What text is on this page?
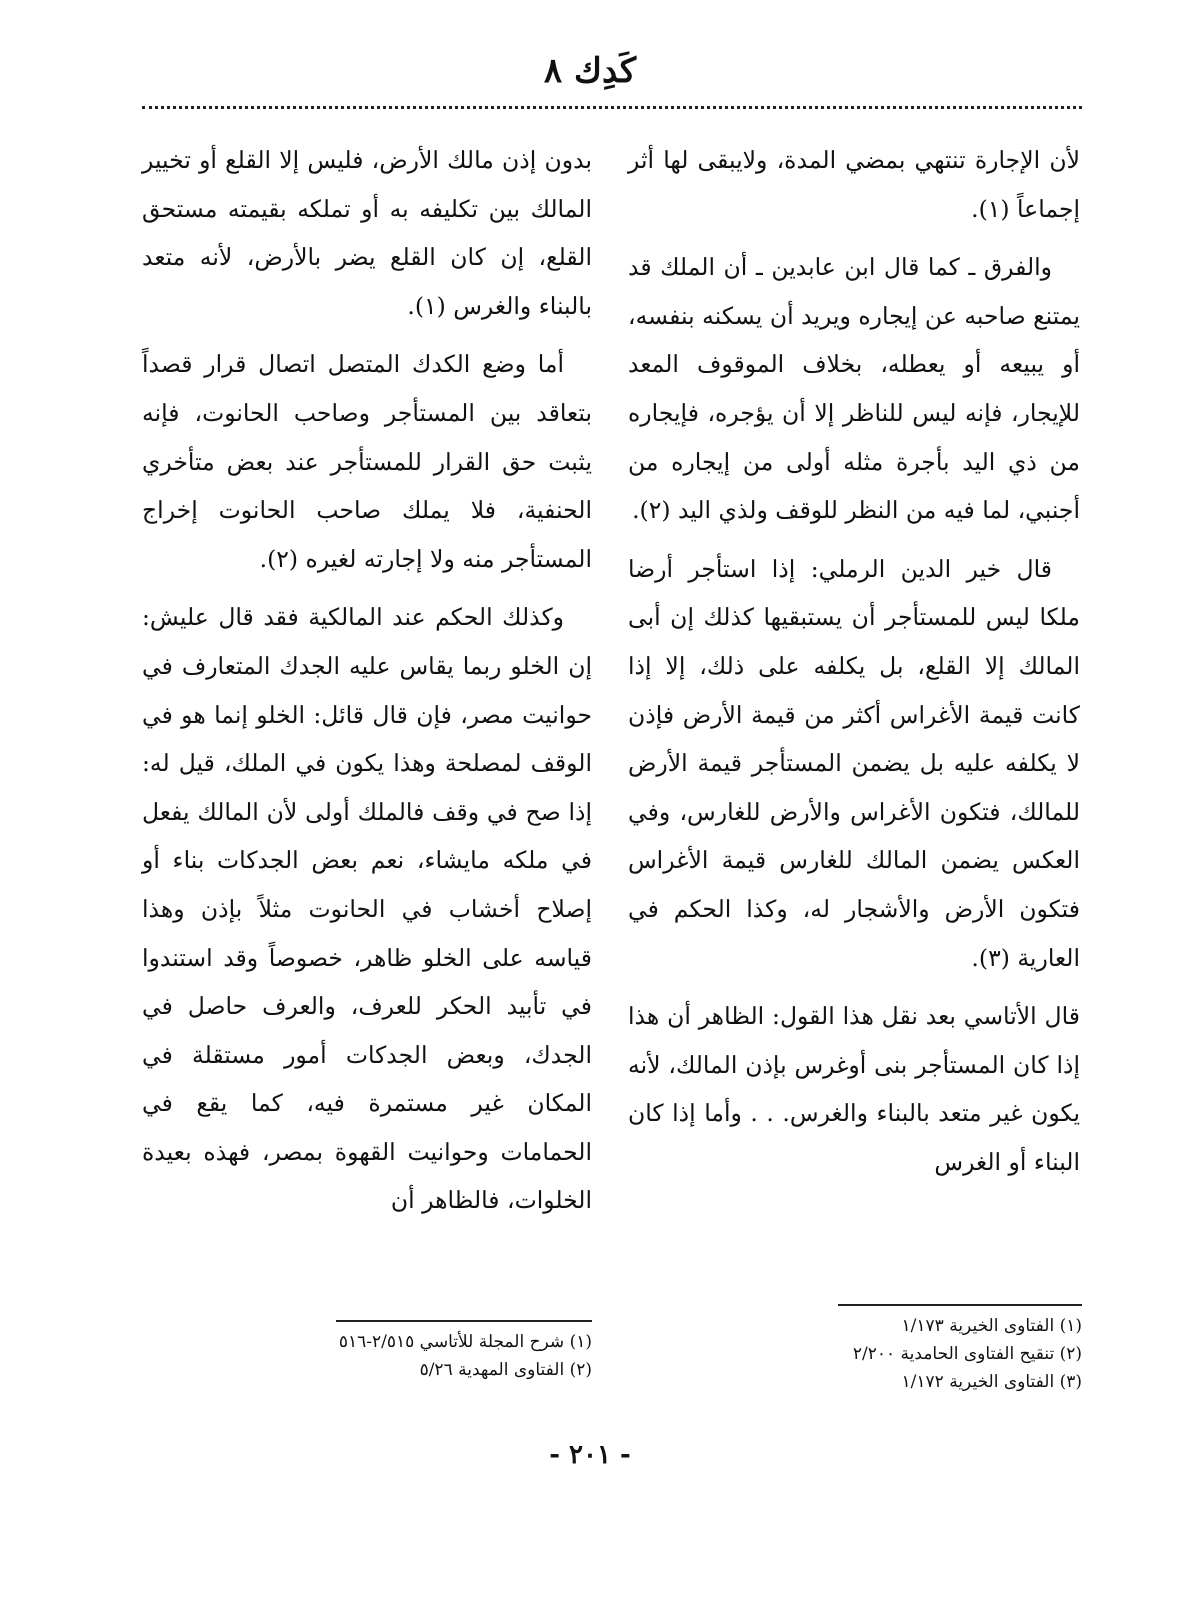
كَدِك ٨

لأن الإجارة تنتهي بمضي المدة، ولايبقى لها أثر إجماعاً (١).

والفرق ـ كما قال ابن عابدين ـ أن الملك قد يمتنع صاحبه عن إيجاره ويريد أن يسكنه بنفسه، أو يبيعه أو يعطله، بخلاف الموقوف المعد للإيجار، فإنه ليس للناظر إلا أن يؤجره، فإيجاره من ذي اليد بأجرة مثله أولى من إيجاره من أجنبي، لما فيه من النظر للوقف ولذي اليد (٢).

قال خير الدين الرملي: إذا استأجر أرضا ملكا ليس للمستأجر أن يستبقيها كذلك إن أبى المالك إلا القلع، بل يكلفه على ذلك، إلا إذا كانت قيمة الأغراس أكثر من قيمة الأرض فإذن لا يكلفه عليه بل يضمن المستأجر قيمة الأرض للمالك، فتكون الأغراس والأرض للغارس، وفي العكس يضمن المالك للغارس قيمة الأغراس فتكون الأرض والأشجار له، وكذا الحكم في العارية (٣).

قال الأتاسي بعد نقل هذا القول: الظاهر أن هذا إذا كان المستأجر بنى أوغرس بإذن المالك، لأنه يكون غير متعد بالبناء والغرس. . . وأما إذا كان البناء أو الغرس

بدون إذن مالك الأرض، فليس إلا القلع أو تخيير المالك بين تكليفه به أو تملكه بقيمته مستحق القلع، إن كان القلع يضر بالأرض، لأنه متعد بالبناء والغرس (١).

أما وضع الكدك المتصل اتصال قرار قصداً بتعاقد بين المستأجر وصاحب الحانوت، فإنه يثبت حق القرار للمستأجر عند بعض متأخري الحنفية، فلا يملك صاحب الحانوت إخراج المستأجر منه ولا إجارته لغيره (٢).

وكذلك الحكم عند المالكية فقد قال عليش: إن الخلو ربما يقاس عليه الجدك المتعارف في حوانيت مصر، فإن قال قائل: الخلو إنما هو في الوقف لمصلحة وهذا يكون في الملك، قيل له: إذا صح في وقف فالملك أولى لأن المالك يفعل في ملكه مايشاء، نعم بعض الجدكات بناء أو إصلاح أخشاب في الحانوت مثلاً بإذن وهذا قياسه على الخلو ظاهر، خصوصاً وقد استندوا في تأبيد الحكر للعرف، والعرف حاصل في الجدك، وبعض الجدكات أمور مستقلة في المكان غير مستمرة فيه، كما يقع في الحمامات وحوانيت القهوة بمصر، فهذه بعيدة الخلوات، فالظاهر أن

(١) الفتاوى الخيرية ١/١٧٣
(٢) تنقيح الفتاوى الحامدية ٢/٢٠٠
(٣) الفتاوى الخيرية ١/١٧٢
(١) شرح المجلة للأتاسي ٢/٥١٥-٥١٦
(٢) الفتاوى المهدية ٥/٢٦
- ٢٠١ -
